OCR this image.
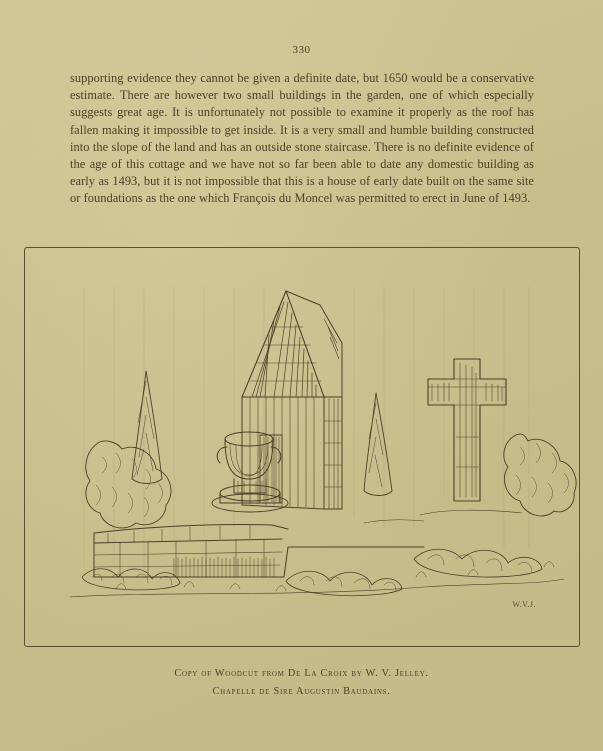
330

supporting evidence they cannot be given a definite date, but 1650 would be a conservative estimate. There are however two small buildings in the garden, one of which especially suggests great age. It is unfortunately not possible to examine it properly as the roof has fallen making it impossible to get inside. It is a very small and humble building constructed into the slope of the land and has an outside stone staircase. There is no definite evidence of the age of this cottage and we have not so far been able to date any domestic building as early as 1493, but it is not impossible that this is a house of early date built on the same site or foundations as the one which François du Moncel was permitted to erect in June of 1493.

W.V.J.
Copy of Woodcut from De La Croix by W. V. Jelley.
Chapelle de Sire Augustin Baudains.
